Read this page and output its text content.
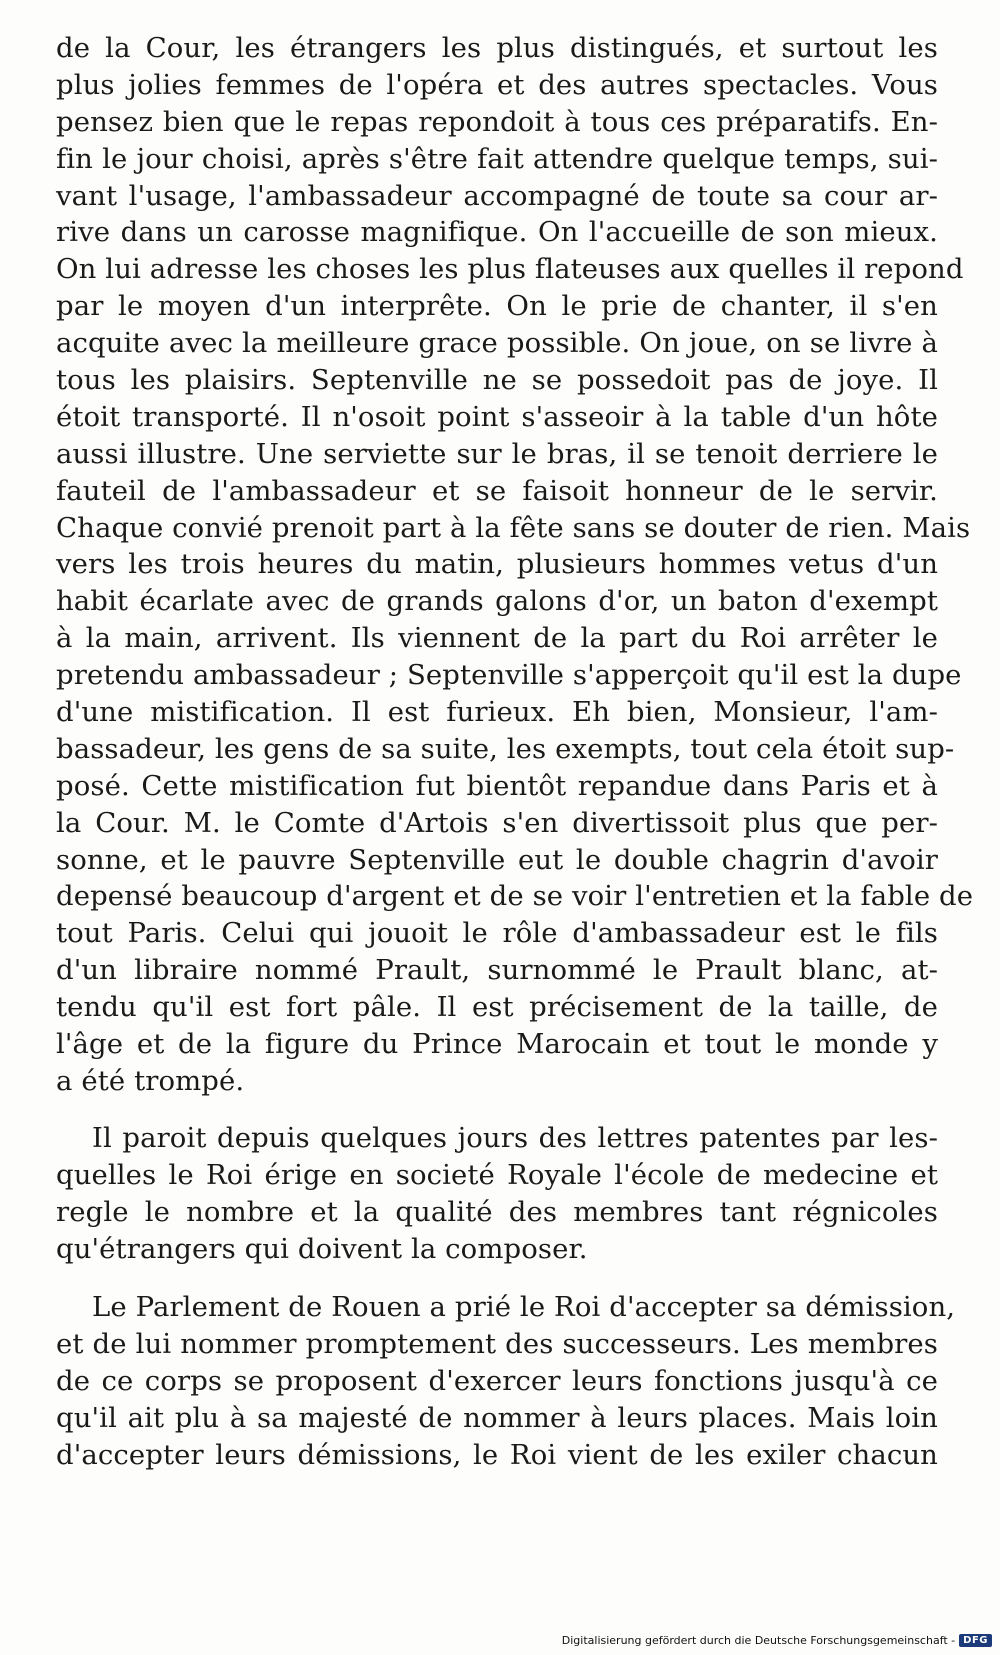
de la Cour, les étrangers les plus distingués, et surtout les
plus jolies femmes de l'opéra et des autres spectacles. Vous
pensez bien que le repas repondoit à tous ces préparatifs. En-
fin le jour choisi, après s'être fait attendre quelque temps, sui-
vant l'usage, l'ambassadeur accompagné de toute sa cour ar-
rive dans un carosse magnifique. On l'accueille de son mieux.
On lui adresse les choses les plus flateuses aux quelles il repond
par le moyen d'un interprête. On le prie de chanter, il s'en
acquite avec la meilleure grace possible. On joue, on se livre à
tous les plaisirs. Septenville ne se possedoit pas de joye. Il
étoit transporté. Il n'osoit point s'asseoir à la table d'un hôte
aussi illustre. Une serviette sur le bras, il se tenoit derriere le
fauteil de l'ambassadeur et se faisoit honneur de le servir.
Chaque convié prenoit part à la fête sans se douter de rien. Mais
vers les trois heures du matin, plusieurs hommes vetus d'un
habit écarlate avec de grands galons d'or, un baton d'exempt
à la main, arrivent. Ils viennent de la part du Roi arrêter le
pretendu ambassadeur ; Septenville s'apperçoit qu'il est la dupe
d'une mistification. Il est furieux. Eh bien, Monsieur, l'am-
bassadeur, les gens de sa suite, les exempts, tout cela étoit sup-
posé. Cette mistification fut bientôt repandue dans Paris et à
la Cour. M. le Comte d'Artois s'en divertissoit plus que per-
sonne, et le pauvre Septenville eut le double chagrin d'avoir
depensé beaucoup d'argent et de se voir l'entretien et la fable de
tout Paris. Celui qui jouoit le rôle d'ambassadeur est le fils
d'un libraire nommé Prault, surnommé le Prault blanc, at-
tendu qu'il est fort pâle. Il est précisement de la taille, de
l'âge et de la figure du Prince Marocain et tout le monde y
a été trompé.
Il paroit depuis quelques jours des lettres patentes par les-
quelles le Roi érige en societé Royale l'école de medecine et
regle le nombre et la qualité des membres tant régnicoles
qu'étrangers qui doivent la composer.
Le Parlement de Rouen a prié le Roi d'accepter sa démission,
et de lui nommer promptement des successeurs. Les membres
de ce corps se proposent d'exercer leurs fonctions jusqu'à ce
qu'il ait plu à sa majesté de nommer à leurs places. Mais loin
d'accepter leurs démissions, le Roi vient de les exiler chacun
Digitalisierung gefördert durch die Deutsche Forschungsgemeinschaft - DFG
